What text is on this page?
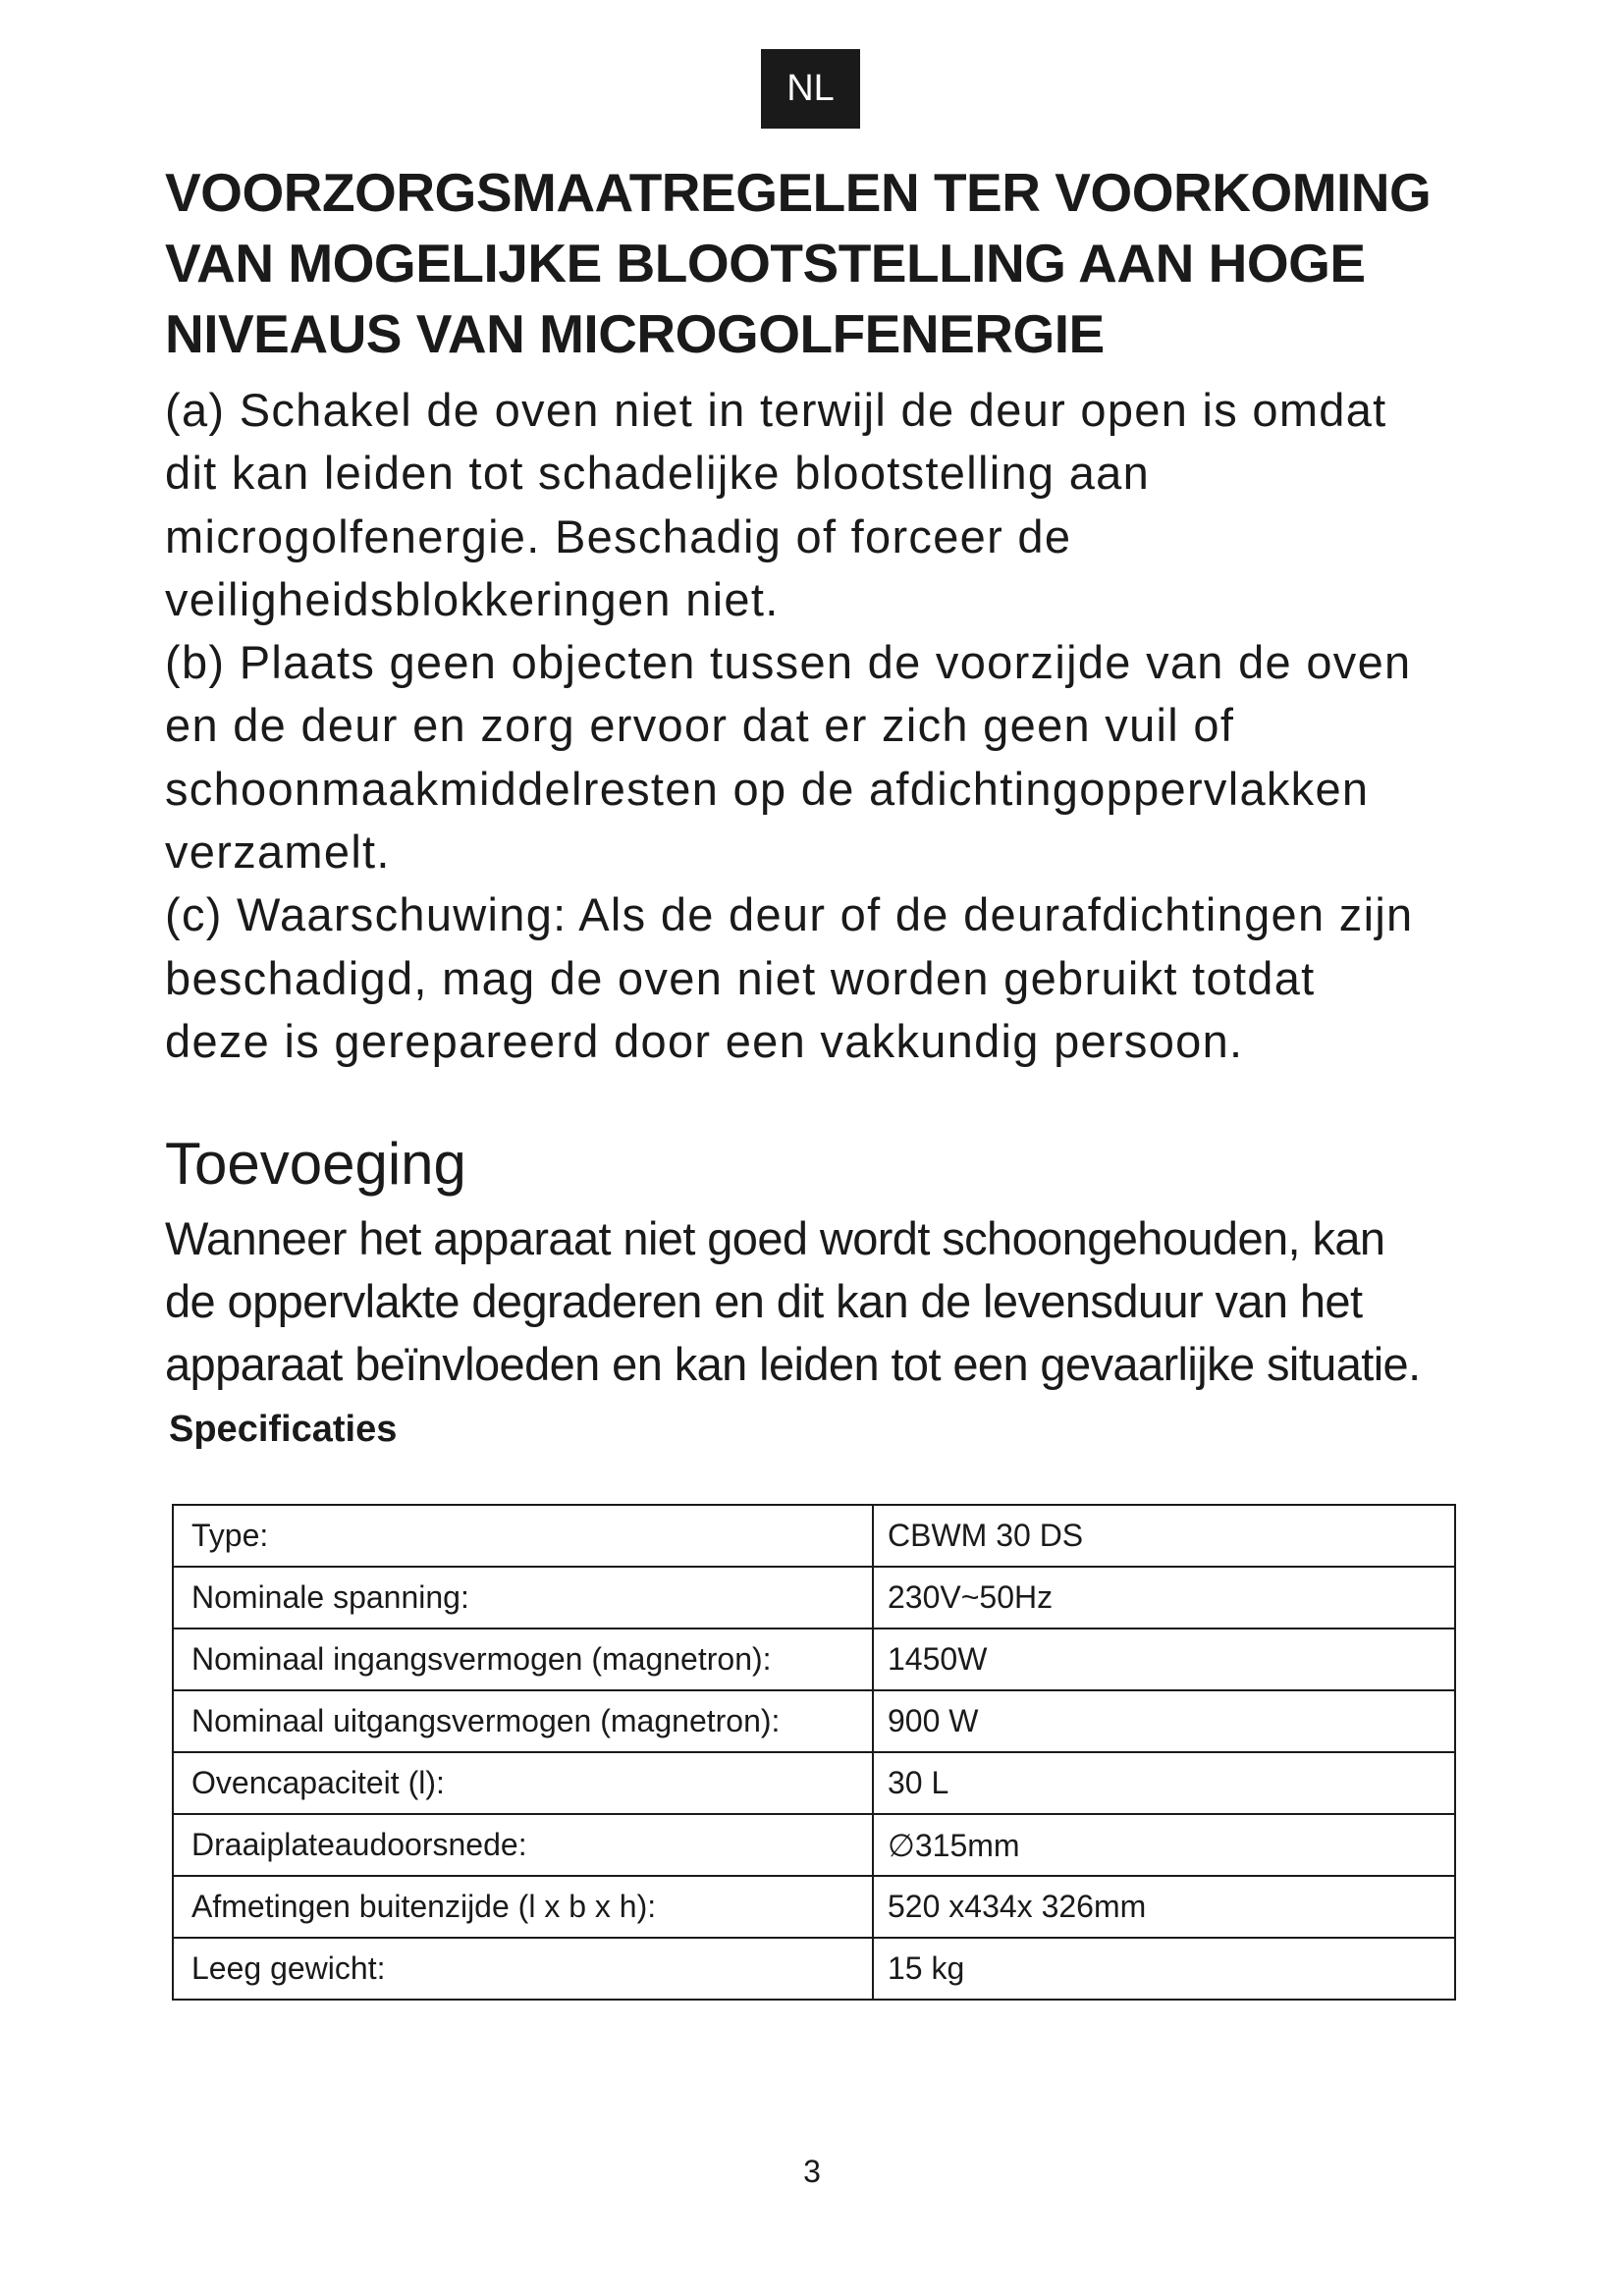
NL
VOORZORGSMAATREGELEN TER VOORKOMING
VAN MOGELIJKE BLOOTSTELLING AAN HOGE
NIVEAUS VAN MICROGOLFENERGIE
(a) Schakel de oven niet in terwijl de deur open is omdat
dit kan leiden tot schadelijke blootstelling aan
microgolfenergie. Beschadig of forceer de
veiligheidsblokkeringen niet.
(b) Plaats geen objecten tussen de voorzijde van de oven
en de deur en zorg ervoor dat er zich geen vuil of
schoonmaakmiddelresten op de afdichtingoppervlakken
verzamelt.
(c) Waarschuwing: Als de deur of de deurafdichtingen zijn
beschadigd, mag de oven niet worden gebruikt totdat
deze is gerepareerd door een vakkundig persoon.
Toevoeging
Wanneer het apparaat niet goed wordt schoongehouden, kan
de oppervlakte degraderen en dit kan de levensduur van het
apparaat beïnvloeden en kan leiden tot een gevaarlijke situatie.
Specificaties
Type:	CBWM 30 DS
Nominale spanning:	230V~50Hz
Nominaal ingangsvermogen (magnetron):	1450W
Nominaal uitgangsvermogen (magnetron):	900 W
Ovencapaciteit (l):	30 L
Draaiplateaudoorsnede:	∅315mm
Afmetingen buitenzijde (l x b x h):	520 x434x 326mm
Leeg gewicht:	15 kg
3
